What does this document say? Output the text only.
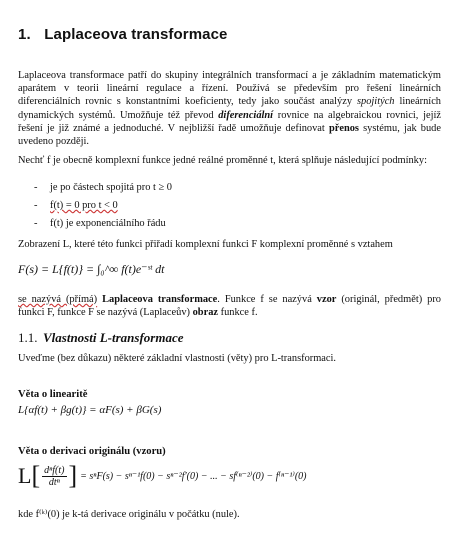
1. Laplaceova transformace
Laplaceova transformace patří do skupiny integrálních transformací a je základním matematickým aparátem v teorii lineární regulace a řízení. Používá se především pro řešení lineárních diferenciálních rovnic s konstantními koeficienty, tedy jako součást analýzy spojitých lineárních dynamických systémů. Umožňuje též převod diferenciální rovnice na algebraickou rovnici, jejíž řešení je již známé a jednoduché. V nejbližší řadě umožňuje definovat přenos systému, jak bude uvedeno později.
Nechť f je obecně komplexní funkce jedné reálné proměnné t, která splňuje následující podmínky:
- je po částech spojitá pro t ≥ 0
- f(t) = 0 pro t < 0
- f(t) je exponenciálního řádu
Zobrazení L, které této funkci přiřadí komplexní funkci F komplexní proměnné s vztahem
F(s) = L{f(t)} = ∫₀^∞ f(t)e⁻ˢᵗ dt
se nazývá (přímá) Laplaceova transformace. Funkce f se nazývá vzor (originál, předmět) pro funkci F, funkce F se nazývá (Laplaceův) obraz funkce f.
1.1. Vlastnosti L-transformace
Uveďme (bez důkazu) některé základní vlastnosti (věty) pro L-transformaci.
Věta o linearitě
L{αf(t) + βg(t)} = αF(s) + βG(s)
Věta o derivaci originálu (vzoru)
L [ dⁿf(t)
dtⁿ ] = sⁿF(s) − sⁿ⁻¹f(0) − sⁿ⁻²f′(0) − ... − sf⁽ⁿ⁻²⁾(0) − f⁽ⁿ⁻¹⁾(0)
kde f⁽ᵏ⁾(0) je k-tá derivace originálu v počátku (nule).
